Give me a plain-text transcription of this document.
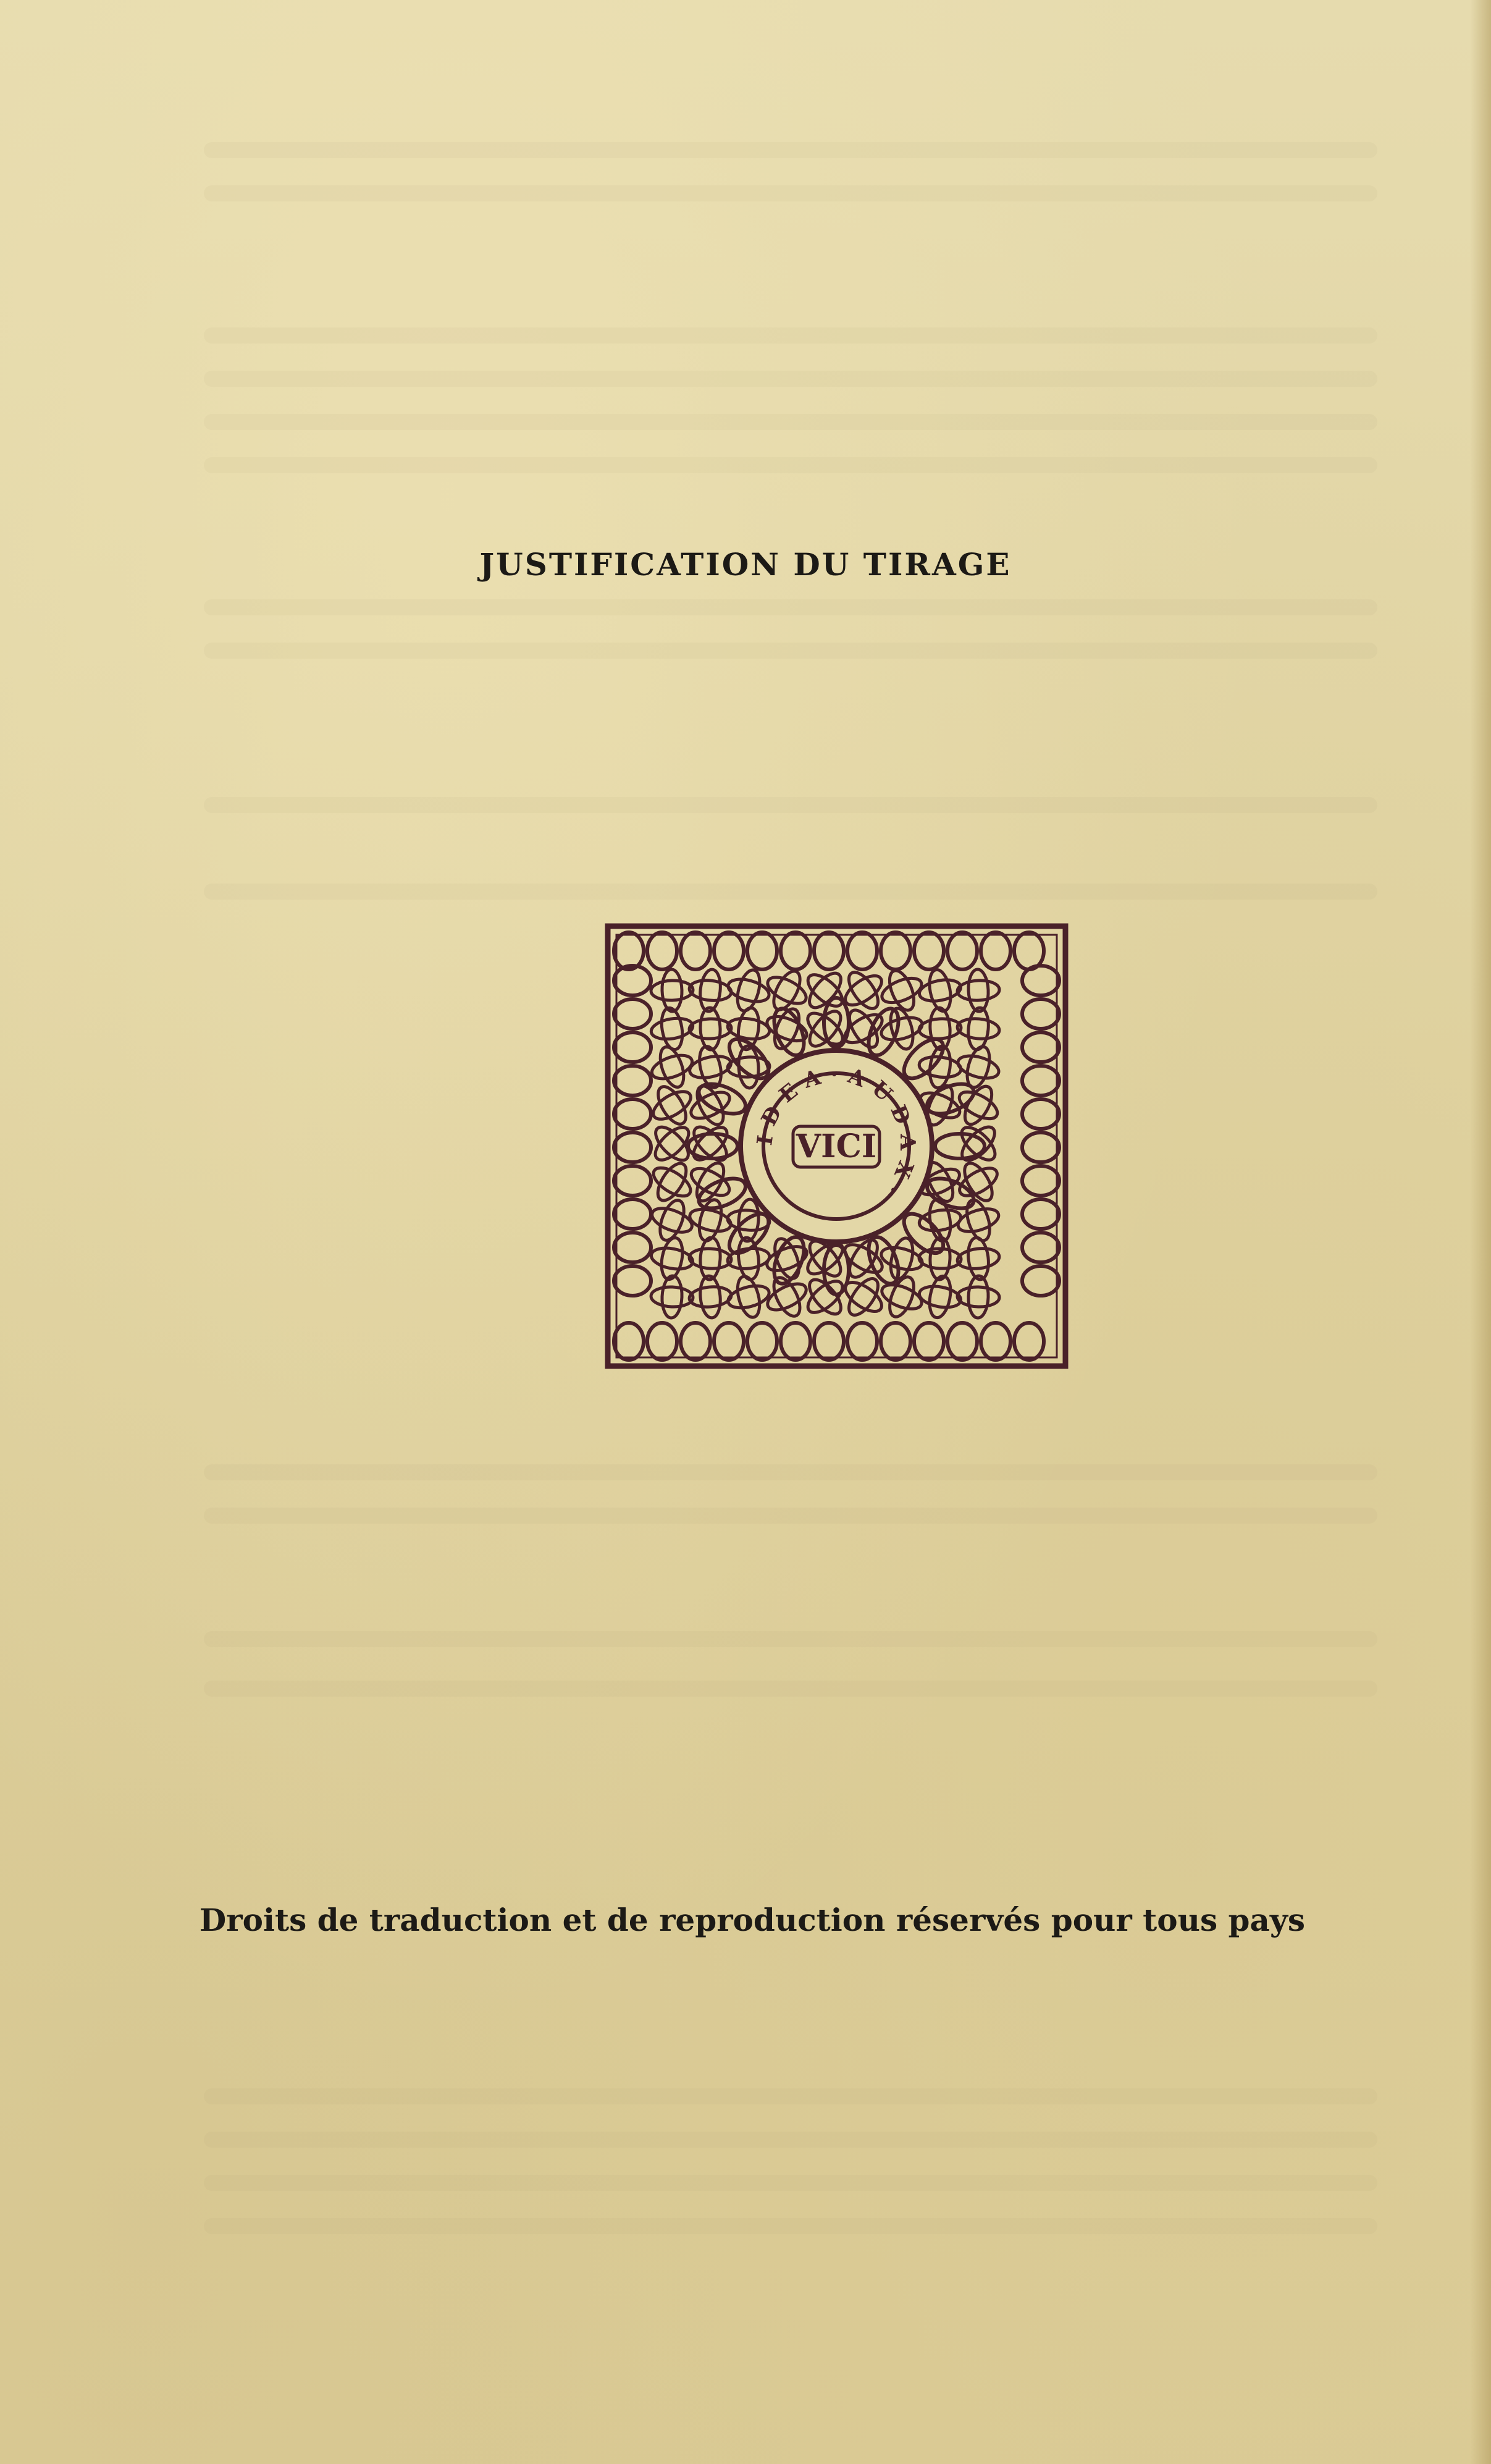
JUSTIFICATION DU TIRAGE
IDEA·AUDAX·
VICI
Droits de traduction et de reproduction réservés pour tous pays
